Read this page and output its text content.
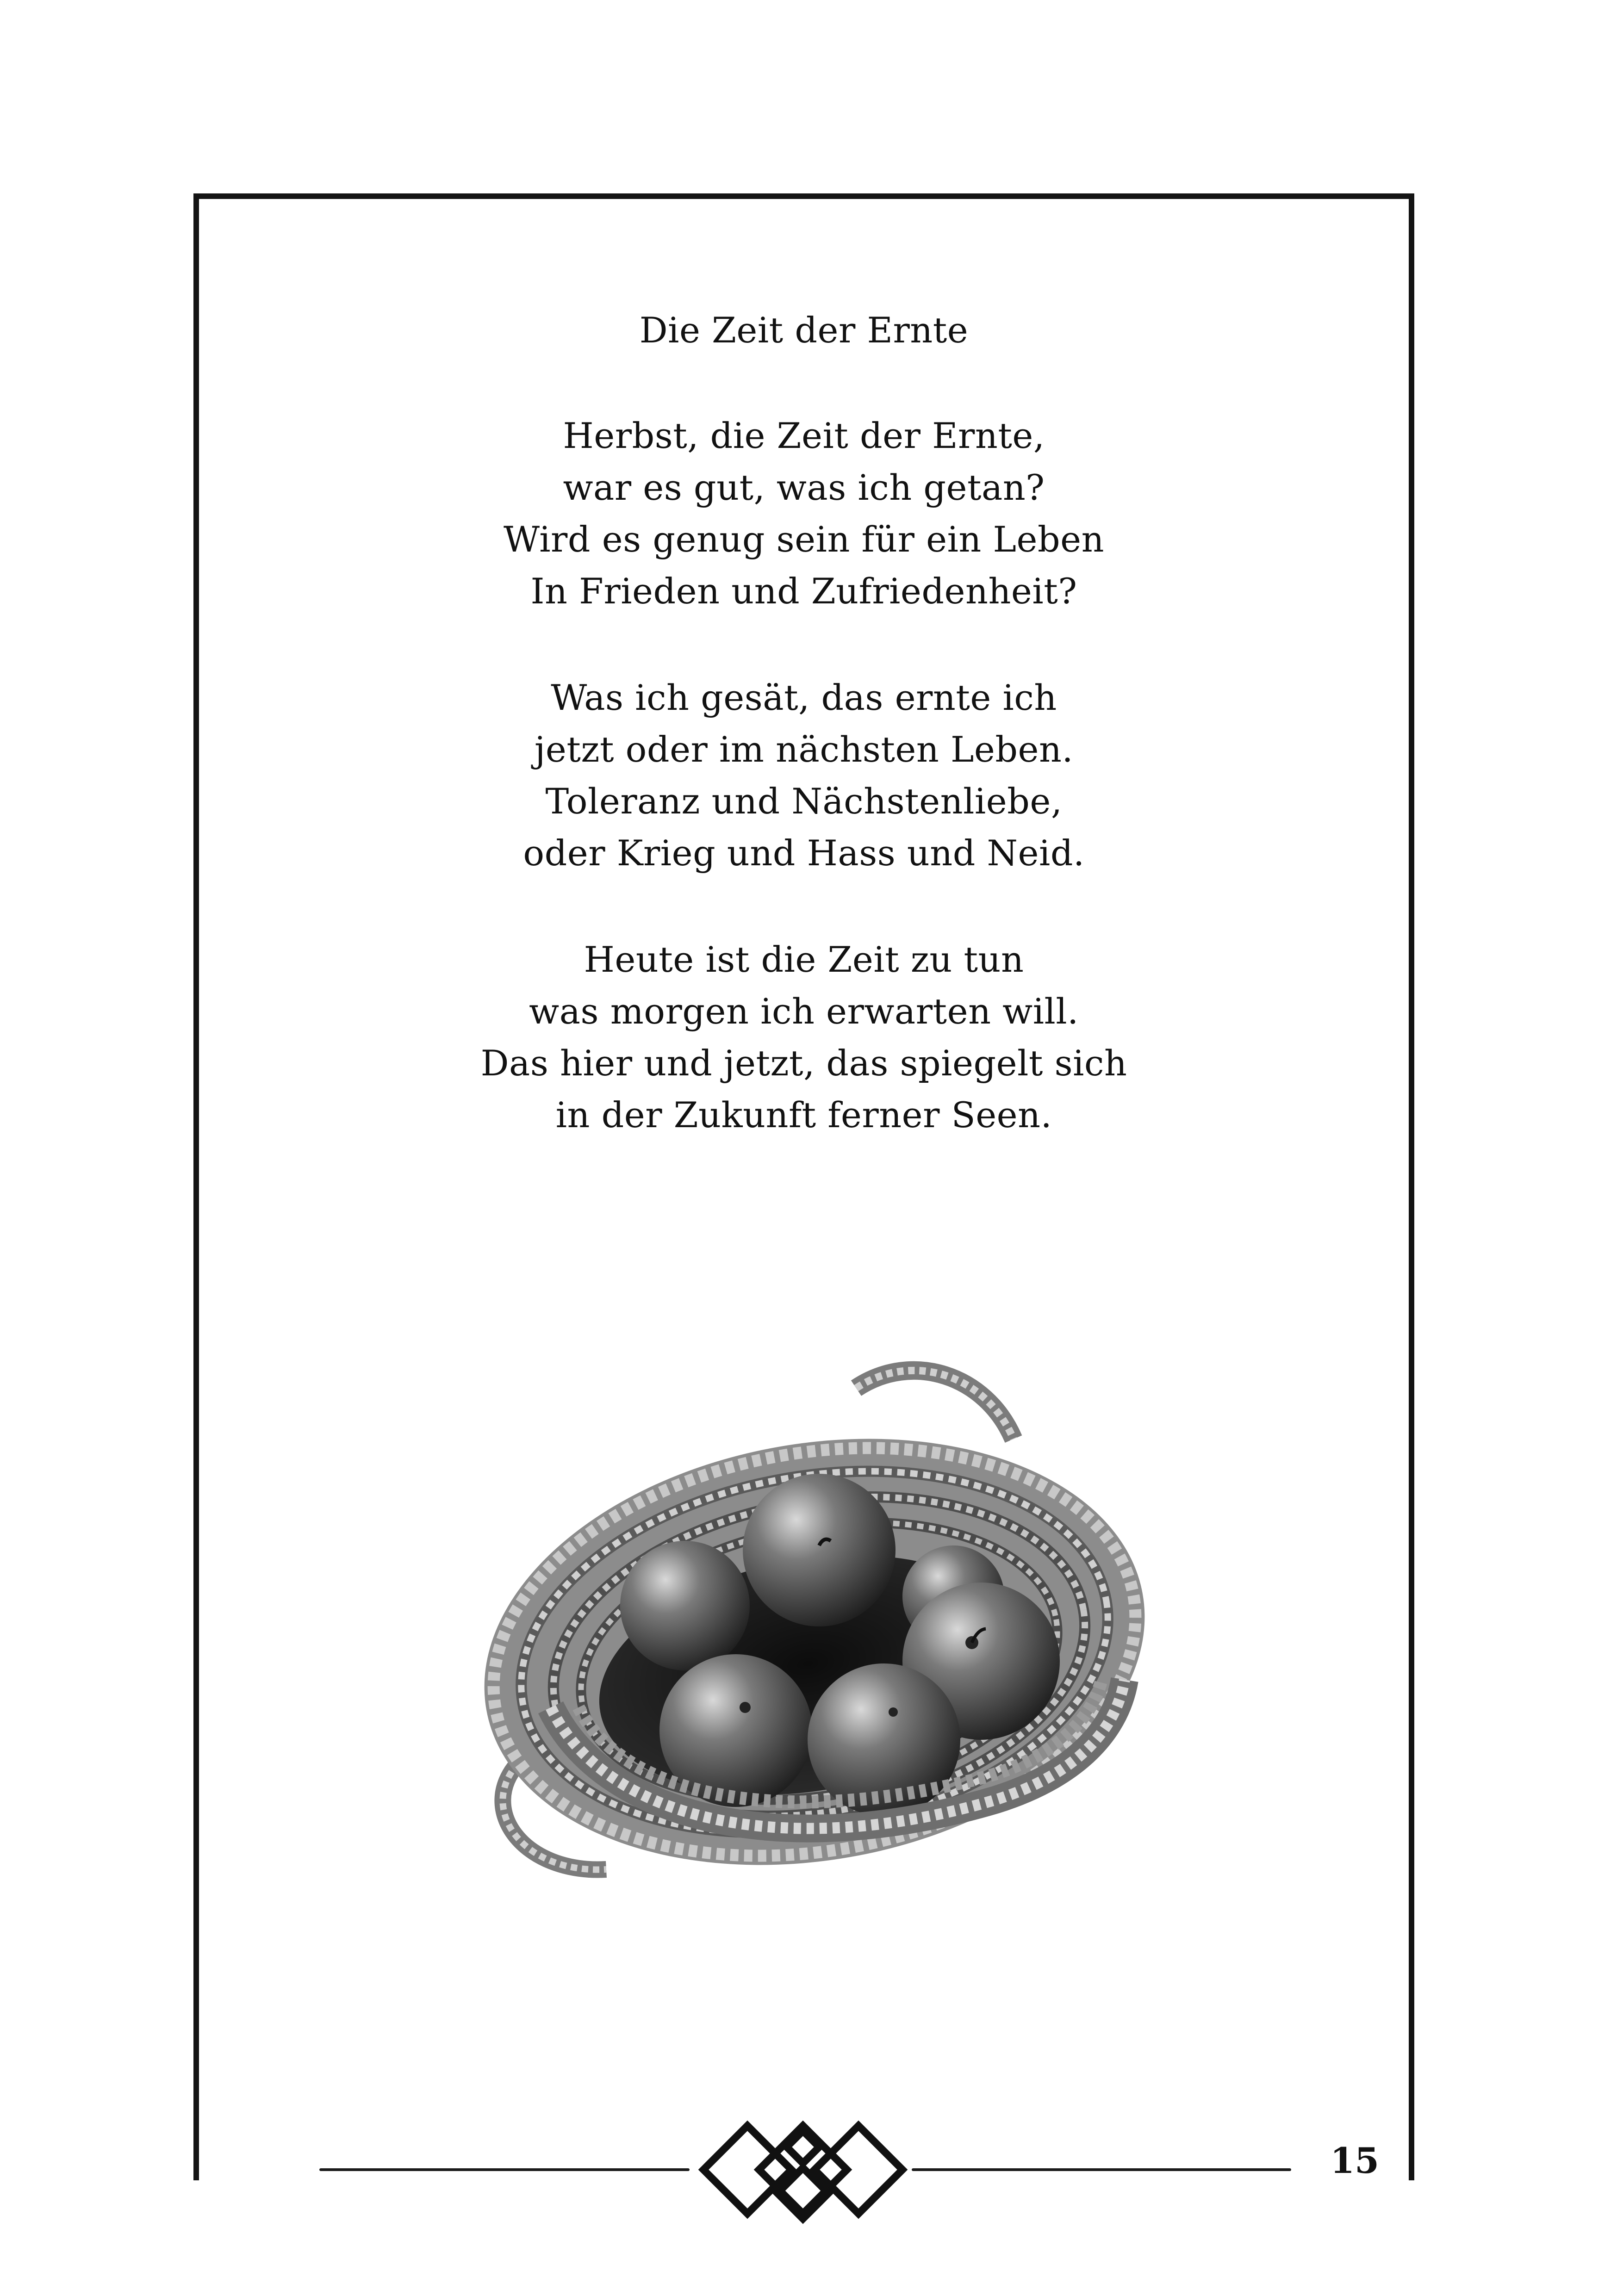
Die Zeit der Ernte

Herbst, die Zeit der Ernte,

war es gut, was ich getan?

Wird es genug sein für ein Leben

In Frieden und Zufriedenheit?

Was ich gesät, das ernte ich

jetzt oder im nächsten Leben.

Toleranz und Nächstenliebe,

oder Krieg und Hass und Neid.

Heute ist die Zeit zu tun

was morgen ich erwarten will.

Das hier und jetzt, das spiegelt sich

in der Zukunft ferner Seen.

15
